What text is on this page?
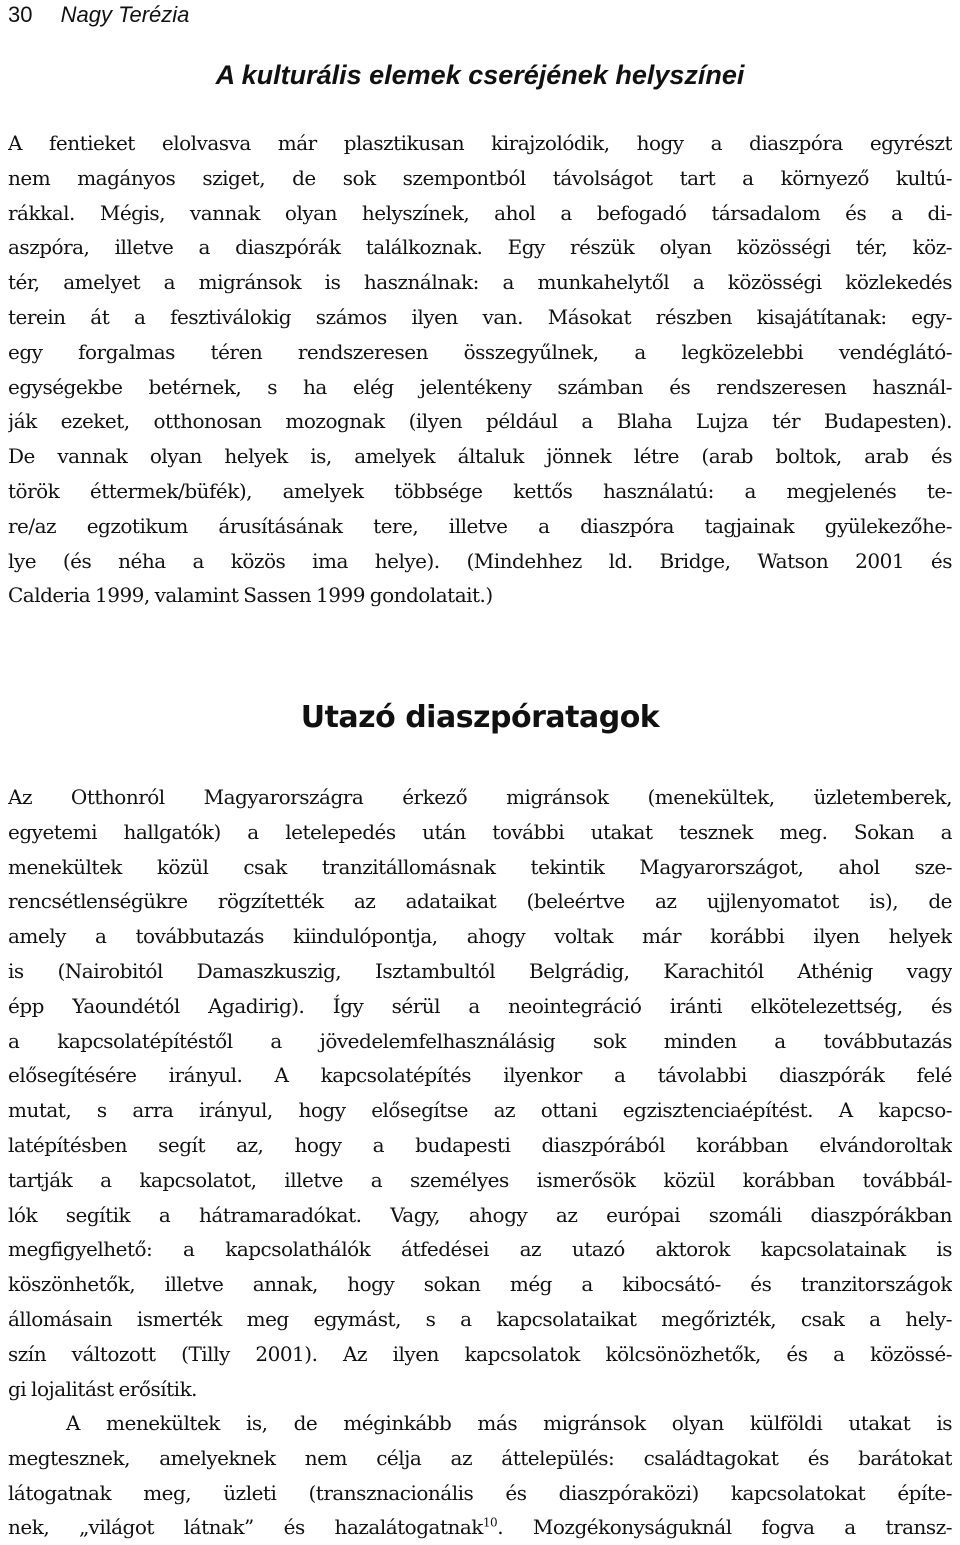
30 Nagy Terézia
A kulturális elemek cseréjének helyszínei
A fentieket elolvasva már plasztikusan kirajzolódik, hogy a diaszpóra egyrészt
nem magányos sziget, de sok szempontból távolságot tart a környező kultú-
rákkal. Mégis, vannak olyan helyszínek, ahol a befogadó társadalom és a di-
aszpóra, illetve a diaszpórák találkoznak. Egy részük olyan közösségi tér, köz-
tér, amelyet a migránsok is használnak: a munkahelytől a közösségi közlekedés
terein át a fesztiválokig számos ilyen van. Másokat részben kisajátítanak: egy-
egy forgalmas téren rendszeresen összegyűlnek, a legközelebbi vendéglátó-
egységekbe betérnek, s ha elég jelentékeny számban és rendszeresen használ-
ják ezeket, otthonosan mozognak (ilyen például a Blaha Lujza tér Budapesten).
De vannak olyan helyek is, amelyek általuk jönnek létre (arab boltok, arab és
török éttermek/büfék), amelyek többsége kettős használatú: a megjelenés te-
re/az egzotikum árusításának tere, illetve a diaszpóra tagjainak gyülekezőhe-
lye (és néha a közös ima helye). (Mindehhez ld. Bridge, Watson 2001 és
Calderia 1999, valamint Sassen 1999 gondolatait.)
Utazó diaszpóratagok
Az Otthonról Magyarországra érkező migránsok (menekültek, üzletemberek,
egyetemi hallgatók) a letelepedés után további utakat tesznek meg. Sokan a
menekültek közül csak tranzitállomásnak tekintik Magyarországot, ahol sze-
rencsétlenségükre rögzítették az adataikat (beleértve az ujjlenyomatot is), de
amely a továbbutazás kiindulópontja, ahogy voltak már korábbi ilyen helyek
is (Nairobitól Damaszkuszig, Isztambultól Belgrádig, Karachitól Athénig vagy
épp Yaoundétól Agadirig). Így sérül a neointegráció iránti elkötelezettség, és
a kapcsolatépítéstől a jövedelemfelhasználásig sok minden a továbbutazás
elősegítésére irányul. A kapcsolatépítés ilyenkor a távolabbi diaszpórák felé
mutat, s arra irányul, hogy elősegítse az ottani egzisztenciaépítést. A kapcso-
latépítésben segít az, hogy a budapesti diaszpórából korábban elvándoroltak
tartják a kapcsolatot, illetve a személyes ismerősök közül korábban továbbál-
lók segítik a hátramaradókat. Vagy, ahogy az európai szomáli diaszpórákban
megfigyelhető: a kapcsolathálók átfedései az utazó aktorok kapcsolatainak is
köszönhetők, illetve annak, hogy sokan még a kibocsátó- és tranzitországok
állomásain ismerték meg egymást, s a kapcsolataikat megőrizték, csak a hely-
szín változott (Tilly 2001). Az ilyen kapcsolatok kölcsönözhetők, és a közössé-
gi lojalitást erősítik.
A menekültek is, de méginkább más migránsok olyan külföldi utakat is
megtesznek, amelyeknek nem célja az áttelepülés: családtagokat és barátokat
látogatnak meg, üzleti (transznacionális és diaszpóraközi) kapcsolatokat építe-
nek, „világot látnak” és hazalátogatnak$^{10}$. Mozgékonyságuknál fogva a transz-
